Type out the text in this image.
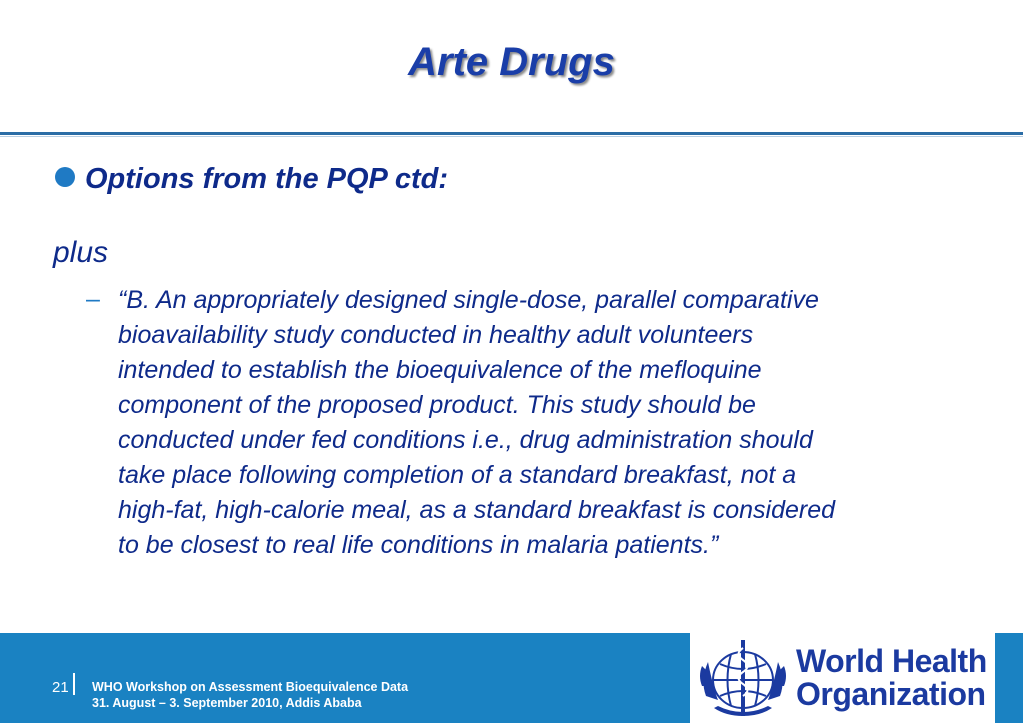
Arte Drugs
Options from the PQP ctd:
plus
– “B. An appropriately designed single-dose, parallel comparative
bioavailability study conducted in healthy adult volunteers
intended to establish the bioequivalence of the mefloquine
component of the proposed product. This study should be
conducted under fed conditions i.e., drug administration should
take place following completion of a standard breakfast, not a
high-fat, high-calorie meal, as a standard breakfast is considered
to be closest to real life conditions in malaria patients.”
21 WHO Workshop on Assessment Bioequivalence Data
31. August – 3. September 2010, Addis Ababa
World Health
Organization
